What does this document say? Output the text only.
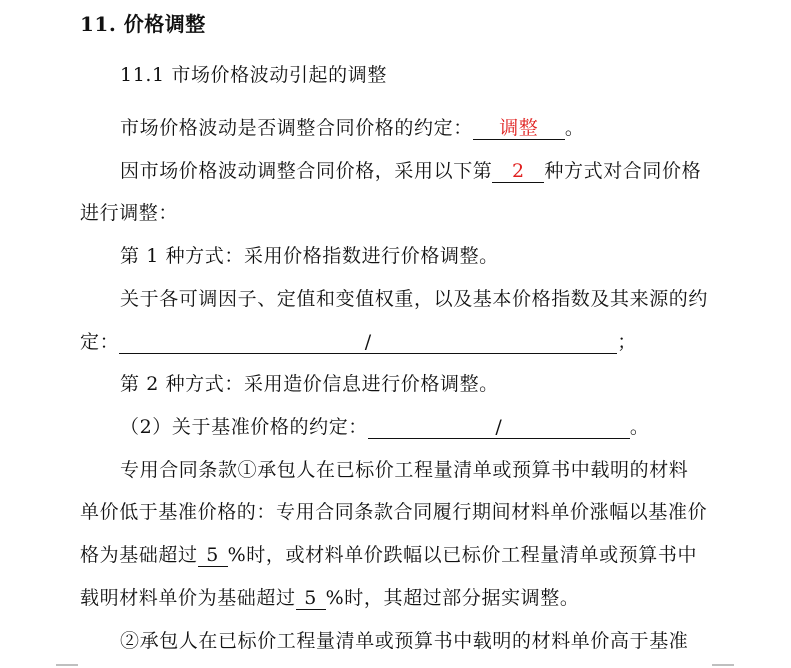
11. 价格调整
11.1 市场价格波动引起的调整
市场价格波动是否调整合同价格的约定： 调整 。
因市场价格波动调整合同价格，采用以下第 2 种方式对合同价格
进行调整：
第 1 种方式：采用价格指数进行价格调整。
关于各可调因子、定值和变值权重，以及基本价格指数及其来源的约
定：	/	；
第 2 种方式：采用造价信息进行价格调整。
（2）关于基准价格的约定：	/	。
专用合同条款①承包人在已标价工程量清单或预算书中载明的材料
单价低于基准价格的：专用合同条款合同履行期间材料单价涨幅以基准价
格为基础超过 5 %时，或材料单价跌幅以已标价工程量清单或预算书中
载明材料单价为基础超过 5 %时，其超过部分据实调整。
②承包人在已标价工程量清单或预算书中载明的材料单价高于基准
